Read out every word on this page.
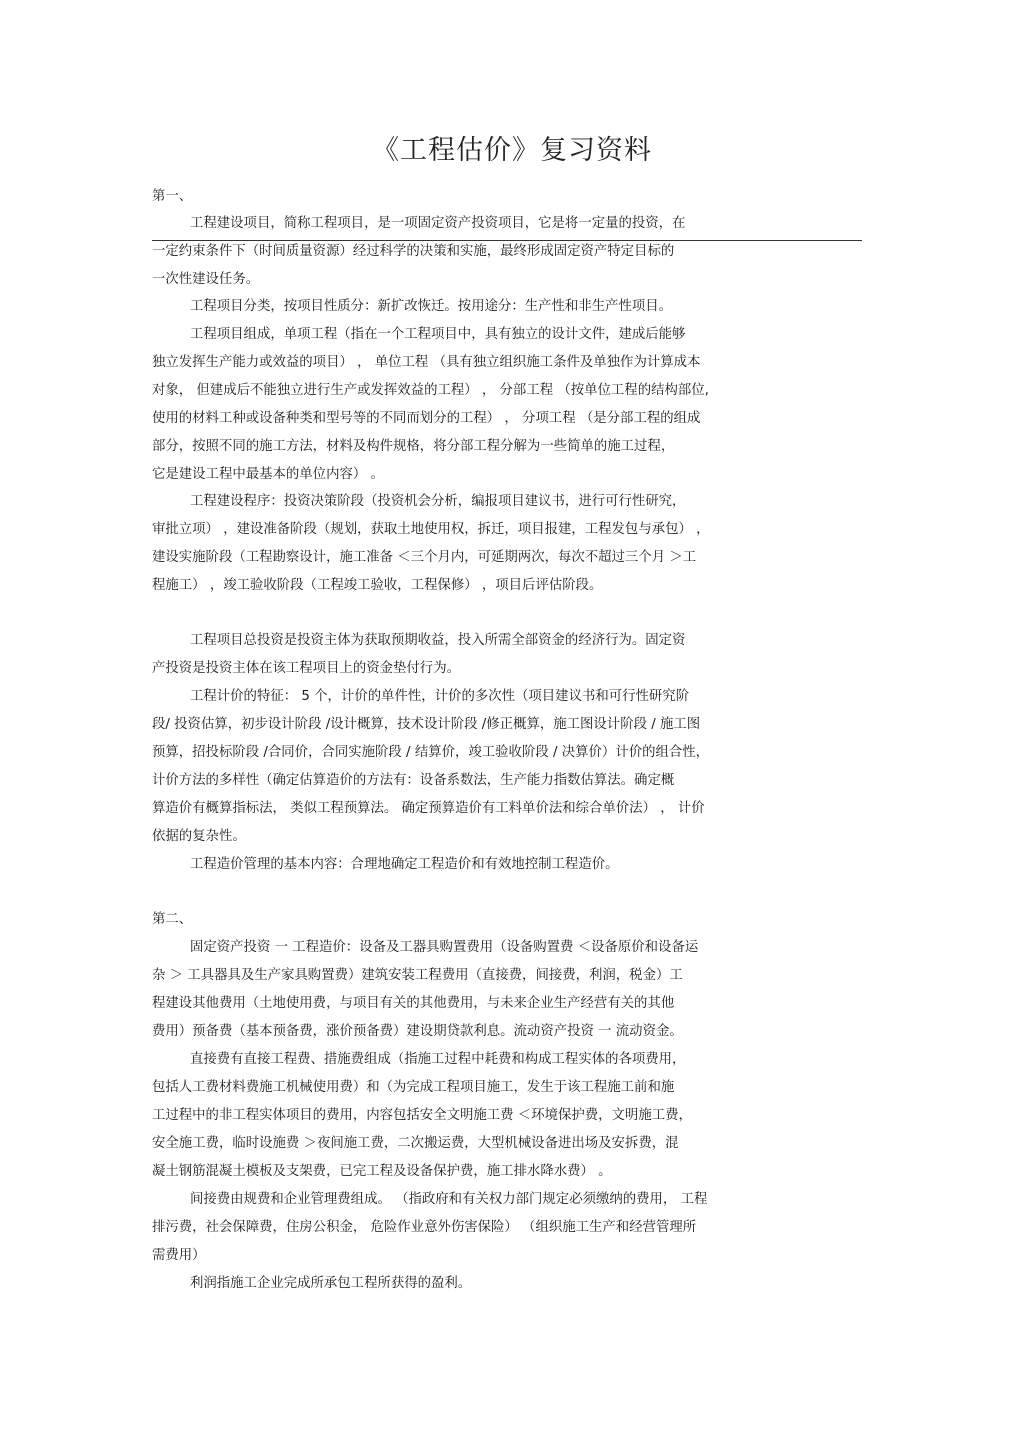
《工程估价》复习资料
第一、
工程建设项目，简称工程项目，是一项固定资产投资项目，它是将一定量的投资，在
一定约束条件下（时间质量资源）经过科学的决策和实施，最终形成固定资产特定目标的
一次性建设任务。
工程项目分类，按项目性质分：新扩改恢迁。按用途分：生产性和非生产性项目。
工程项目组成，单项工程（指在一个工程项目中，具有独立的设计文件，建成后能够
独立发挥生产能力或效益的项目） ， 单位工程 （具有独立组织施工条件及单独作为计算成本
对象， 但建成后不能独立进行生产或发挥效益的工程） ， 分部工程 （按单位工程的结构部位,
使用的材料工种或设备种类和型号等的不同而划分的工程） ， 分项工程 （是分部工程的组成
部分，按照不同的施工方法，材料及构件规格，将分部工程分解为一些简单的施工过程，
它是建设工程中最基本的单位内容） 。
工程建设程序：投资决策阶段（投资机会分析，编报项目建议书，进行可行性研究，
审批立项） ，建设准备阶段（规划，获取土地使用权，拆迁，项目报建，工程发包与承包） ，
建设实施阶段（工程勘察设计，施工准备 ＜三个月内，可延期两次，每次不超过三个月 ＞工
程施工） ，竣工验收阶段（工程竣工验收，工程保修） ，项目后评估阶段。
工程项目总投资是投资主体为获取预期收益，投入所需全部资金的经济行为。固定资
产投资是投资主体在该工程项目上的资金垫付行为。
工程计价的特征： 5 个，计价的单件性，计价的多次性（项目建议书和可行性研究阶
段/ 投资估算，初步设计阶段 /设计概算，技术设计阶段 /修正概算，施工图设计阶段 / 施工图
预算，招投标阶段 /合同价，合同实施阶段 / 结算价，竣工验收阶段 / 决算价）计价的组合性，
计价方法的多样性（确定估算造价的方法有：设备系数法，生产能力指数估算法。确定概
算造价有概算指标法， 类似工程预算法。 确定预算造价有工料单价法和综合单价法） ， 计价
依据的复杂性。
工程造价管理的基本内容：合理地确定工程造价和有效地控制工程造价。
第二、
固定资产投资 一 工程造价：设备及工器具购置费用（设备购置费 ＜设备原价和设备运
杂 ＞ 工具器具及生产家具购置费）建筑安装工程费用（直接费，间接费，利润，税金）工
程建设其他费用（土地使用费，与项目有关的其他费用，与未来企业生产经营有关的其他
费用）预备费（基本预备费，涨价预备费）建设期贷款利息。流动资产投资 一 流动资金。
直接费有直接工程费、措施费组成（指施工过程中耗费和构成工程实体的各项费用，
包括人工费材料费施工机械使用费）和（为完成工程项目施工，发生于该工程施工前和施
工过程中的非工程实体项目的费用，内容包括安全文明施工费 ＜环境保护费，文明施工费，
安全施工费，临时设施费 ＞夜间施工费，二次搬运费，大型机械设备进出场及安拆费，混
凝土钢筋混凝土模板及支架费，已完工程及设备保护费，施工排水降水费） 。
间接费由规费和企业管理费组成。 （指政府和有关权力部门规定必须缴纳的费用， 工程
排污费，社会保障费，住房公积金， 危险作业意外伤害保险） （组织施工生产和经营管理所
需费用）
利润指施工企业完成所承包工程所获得的盈利。
